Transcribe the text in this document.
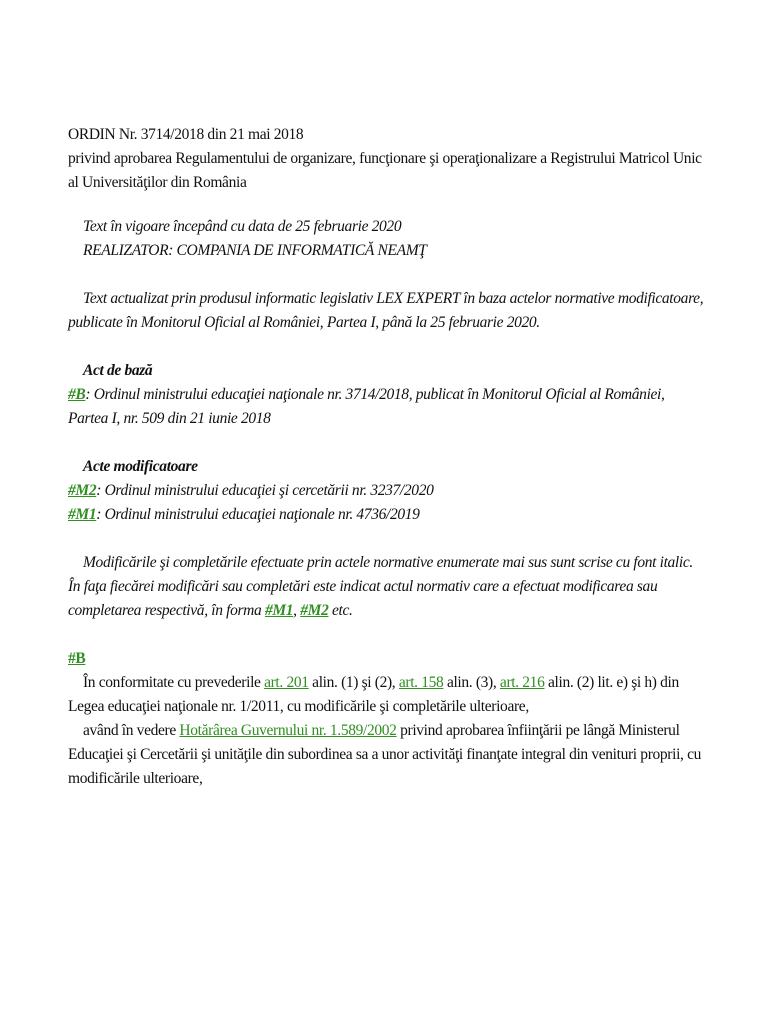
ORDIN Nr. 3714/2018 din 21 mai 2018
privind aprobarea Regulamentului de organizare, funcţionare şi operaţionalizare a Registrului Matricol Unic al Universităţilor din România

Text în vigoare începând cu data de 25 februarie 2020

REALIZATOR: COMPANIA DE INFORMATICĂ NEAMŢ

Text actualizat prin produsul informatic legislativ LEX EXPERT în baza actelor normative modificatoare, publicate în Monitorul Oficial al României, Partea I, până la 25 februarie 2020.

Act de bază

#B: Ordinul ministrului educaţiei naţionale nr. 3714/2018, publicat în Monitorul Oficial al României, Partea I, nr. 509 din 21 iunie 2018

Acte modificatoare

#M2: Ordinul ministrului educaţiei şi cercetării nr. 3237/2020

#M1: Ordinul ministrului educaţiei naţionale nr. 4736/2019

Modificările şi completările efectuate prin actele normative enumerate mai sus sunt scrise cu font italic. În faţa fiecărei modificări sau completări este indicat actul normativ care a efectuat modificarea sau completarea respectivă, în forma #M1, #M2 etc.

#B

În conformitate cu prevederile art. 201 alin. (1) şi (2), art. 158 alin. (3), art. 216 alin. (2) lit. e) şi h) din Legea educaţiei naţionale nr. 1/2011, cu modificările şi completările ulterioare,

având în vedere Hotărârea Guvernului nr. 1.589/2002 privind aprobarea înfiinţării pe lângă Ministerul Educaţiei şi Cercetării şi unităţile din subordinea sa a unor activităţi finanţate integral din venituri proprii, cu modificările ulterioare,
